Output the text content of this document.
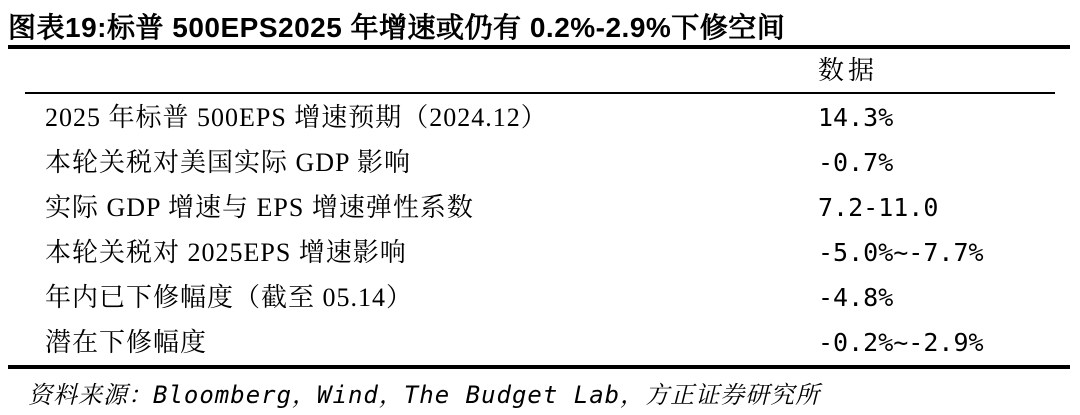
图表19:标普 500EPS2025 年增速或仍有 0.2%-2.9%下修空间
数据
2025 年标普 500EPS 增速预期（2024.12）	14.3%
本轮关税对美国实际 GDP 影响	-0.7%
实际 GDP 增速与 EPS 增速弹性系数	7.2-11.0
本轮关税对 2025EPS 增速影响	-5.0%~-7.7%
年内已下修幅度（截至 05.14）	-4.8%
潜在下修幅度	-0.2%~-2.9%
资料来源：Bloomberg，Wind，The Budget Lab，方正证券研究所
